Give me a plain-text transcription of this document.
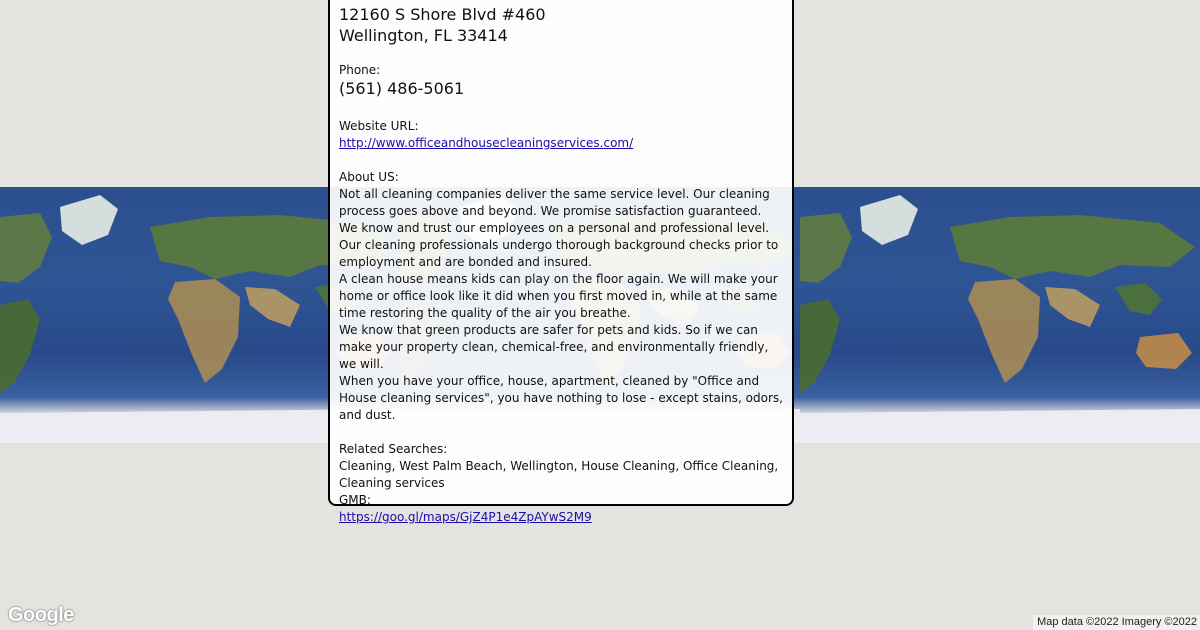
12160 S Shore Blvd #460
Wellington, FL 33414
Phone:
(561) 486-5061
Website URL:
http://www.officeandhousecleaningservices.com/
About US:
Not all cleaning companies deliver the same service level. Our cleaning process goes above and beyond. We promise satisfaction guaranteed.
We know and trust our employees on a personal and professional level. Our cleaning professionals undergo thorough background checks prior to employment and are bonded and insured.
A clean house means kids can play on the floor again. We will make your home or office look like it did when you first moved in, while at the same time restoring the quality of the air you breathe.
We know that green products are safer for pets and kids. So if we can make your property clean, chemical-free, and environmentally friendly, we will.
When you have your office, house, apartment, cleaned by "Office and House cleaning services", you have nothing to lose - except stains, odors, and dust.
Related Searches:
Cleaning, West Palm Beach, Wellington, House Cleaning, Office Cleaning, Cleaning services
GMB:
https://goo.gl/maps/GjZ4P1e4ZpAYwS2M9
Google	Map data ©2022 Imagery ©2022
